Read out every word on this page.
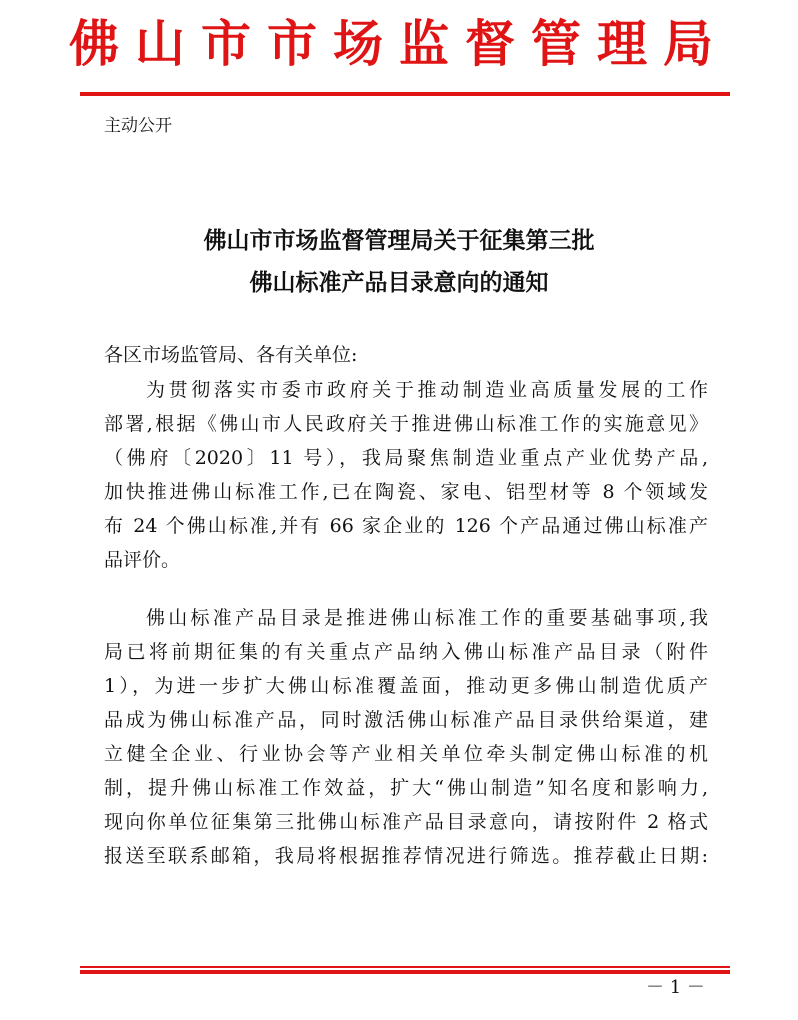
佛山市市场监督管理局
主动公开
佛山市市场监督管理局关于征集第三批
佛山标准产品目录意向的通知
各区市场监管局、各有关单位:
为贯彻落实市委市政府关于推动制造业高质量发展的工作
部署,根据《佛山市人民政府关于推进佛山标准工作的实施意见》
（佛府〔2020〕11 号），我局聚焦制造业重点产业优势产品,
加快推进佛山标准工作,已在陶瓷、家电、铝型材等 8 个领域发
布 24 个佛山标准,并有 66 家企业的 126 个产品通过佛山标准产
品评价。
佛山标准产品目录是推进佛山标准工作的重要基础事项,我
局已将前期征集的有关重点产品纳入佛山标准产品目录（附件
1），为进一步扩大佛山标准覆盖面，推动更多佛山制造优质产
品成为佛山标准产品，同时激活佛山标准产品目录供给渠道，建
立健全企业、行业协会等产业相关单位牵头制定佛山标准的机
制，提升佛山标准工作效益，扩大“佛山制造”知名度和影响力,
现向你单位征集第三批佛山标准产品目录意向，请按附件 2 格式
报送至联系邮箱，我局将根据推荐情况进行筛选。推荐截止日期:
－ 1 －
